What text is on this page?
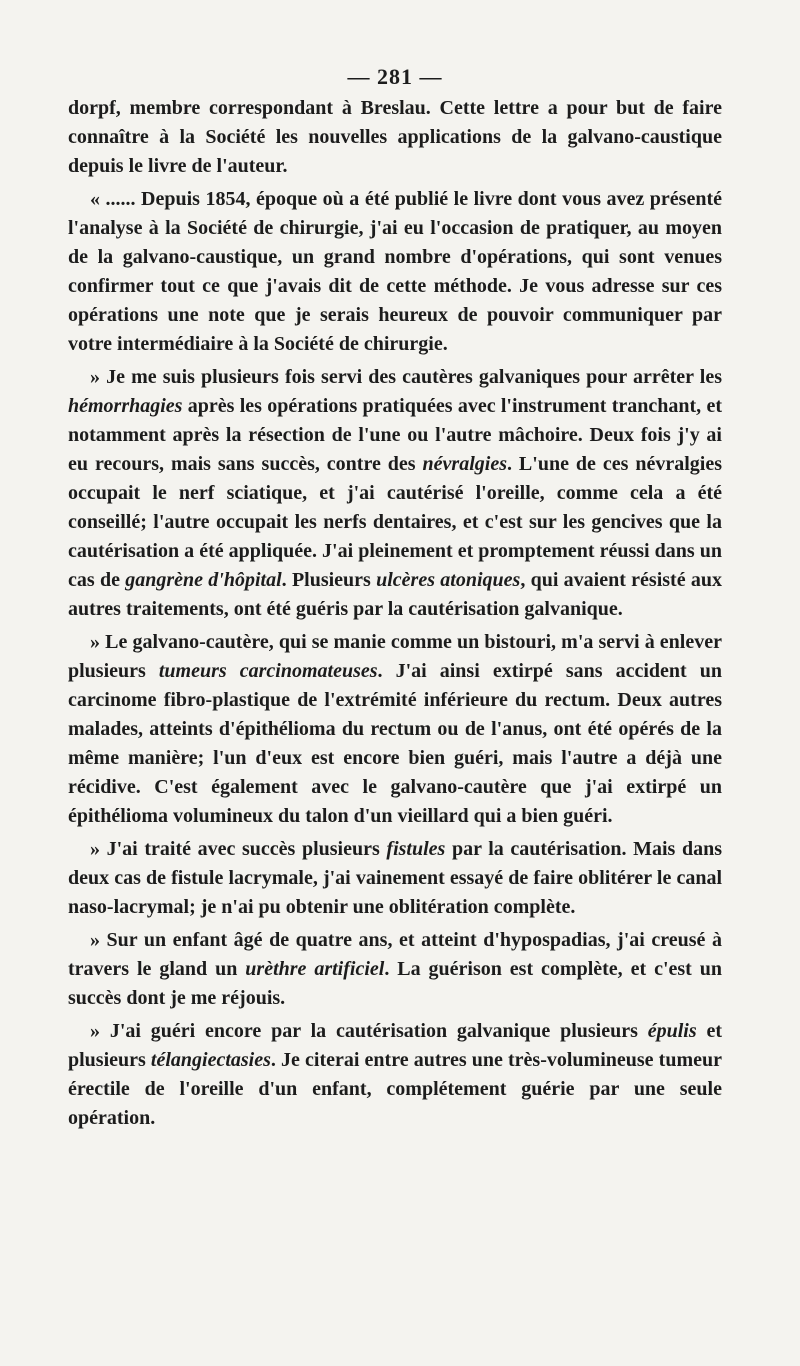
— 281 —

dorpf, membre correspondant à Breslau. Cette lettre a pour but de faire connaître à la Société les nouvelles applications de la galvano-caustique depuis le livre de l'auteur.

« ...... Depuis 1854, époque où a été publié le livre dont vous avez présenté l'analyse à la Société de chirurgie, j'ai eu l'occasion de pratiquer, au moyen de la galvano-caustique, un grand nombre d'opérations, qui sont venues confirmer tout ce que j'avais dit de cette méthode. Je vous adresse sur ces opérations une note que je serais heureux de pouvoir communiquer par votre intermédiaire à la Société de chirurgie.

» Je me suis plusieurs fois servi des cautères galvaniques pour arrêter les hémorrhagies après les opérations pratiquées avec l'instrument tranchant, et notamment après la résection de l'une ou l'autre mâchoire. Deux fois j'y ai eu recours, mais sans succès, contre des névralgies. L'une de ces névralgies occupait le nerf sciatique, et j'ai cautérisé l'oreille, comme cela a été conseillé; l'autre occupait les nerfs dentaires, et c'est sur les gencives que la cautérisation a été appliquée. J'ai pleinement et promptement réussi dans un cas de gangrène d'hôpital. Plusieurs ulcères atoniques, qui avaient résisté aux autres traitements, ont été guéris par la cautérisation galvanique.

» Le galvano-cautère, qui se manie comme un bistouri, m'a servi à enlever plusieurs tumeurs carcinomateuses. J'ai ainsi extirpé sans accident un carcinome fibro-plastique de l'extrémité inférieure du rectum. Deux autres malades, atteints d'épithélioma du rectum ou de l'anus, ont été opérés de la même manière; l'un d'eux est encore bien guéri, mais l'autre a déjà une récidive. C'est également avec le galvano-cautère que j'ai extirpé un épithélioma volumineux du talon d'un vieillard qui a bien guéri.

» J'ai traité avec succès plusieurs fistules par la cautérisation. Mais dans deux cas de fistule lacrymale, j'ai vainement essayé de faire oblitérer le canal naso-lacrymal; je n'ai pu obtenir une oblitération complète.

» Sur un enfant âgé de quatre ans, et atteint d'hypospadias, j'ai creusé à travers le gland un urèthre artificiel. La guérison est complète, et c'est un succès dont je me réjouis.

» J'ai guéri encore par la cautérisation galvanique plusieurs épulis et plusieurs télangiectasies. Je citerai entre autres une très-volumineuse tumeur érectile de l'oreille d'un enfant, complétement guérie par une seule opération.
